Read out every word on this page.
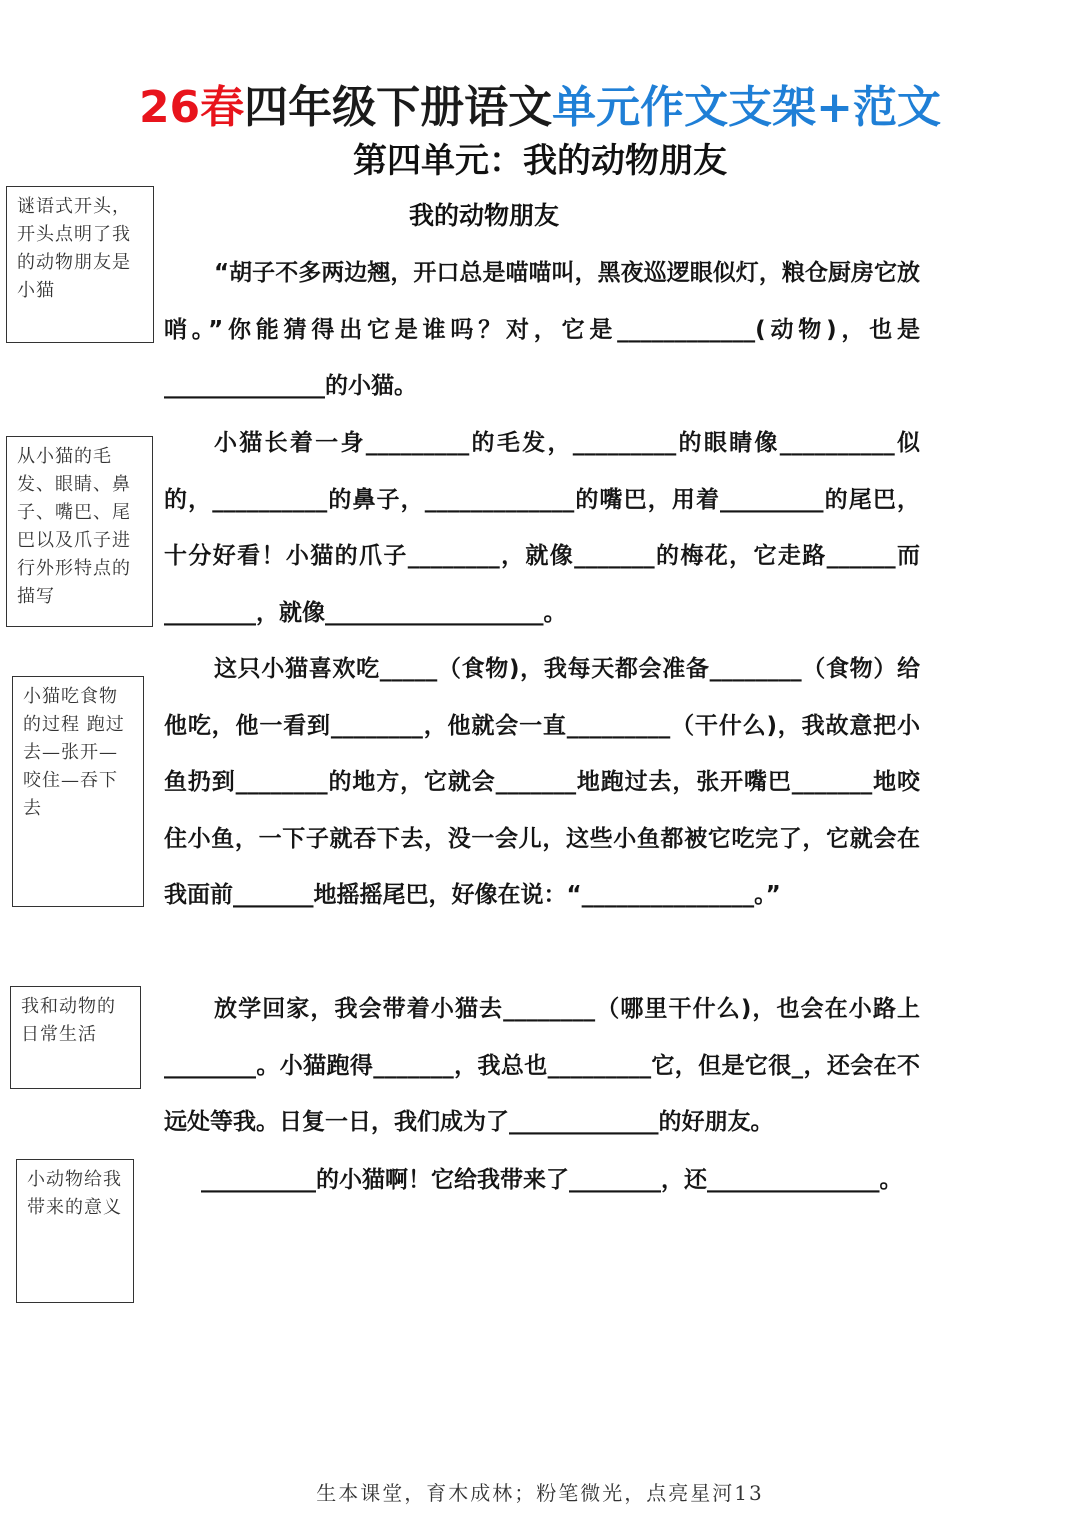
26春四年级下册语文单元作文支架+范文
第四单元：我的动物朋友
我的动物朋友
谜语式开头，开头点明了我的动物朋友是小猫
从小猫的毛发、眼睛、鼻子、嘴巴、尾巴以及爪子进行外形特点的描写
小猫吃食物的过程 跑过去—张开—咬住—吞下去
我和动物的日常生活
小动物给我带来的意义

“胡子不多两边翘，开口总是喵喵叫，黑夜巡逻眼似灯，粮仓厨房它放哨。”你能猜得出它是谁吗？对，它是____________(动物)，也是______________的小猫。

小猫长着一身_________的毛发，_________的眼睛像__________似的，__________的鼻子，_____________的嘴巴，用着_________的尾巴，十分好看！小猫的爪子________，就像_______的梅花，它走路______而________，就像___________________。

这只小猫喜欢吃_____（食物)，我每天都会准备________（食物）给他吃，他一看到________，他就会一直_________（干什么)，我故意把小鱼扔到________的地方，它就会_______地跑过去，张开嘴巴_______地咬住小鱼，一下子就吞下去，没一会儿，这些小鱼都被它吃完了，它就会在我面前_______地摇摇尾巴，好像在说：“_______________。”

放学回家，我会带着小猫去________（哪里干什么)，也会在小路上________。小猫跑得_______，我总也_________它，但是它很_，还会在不远处等我。日复一日，我们成为了_____________的好朋友。

__________的小猫啊！它给我带来了________，还_______________。

生本课堂，育木成林；粉笔微光，点亮星河13
